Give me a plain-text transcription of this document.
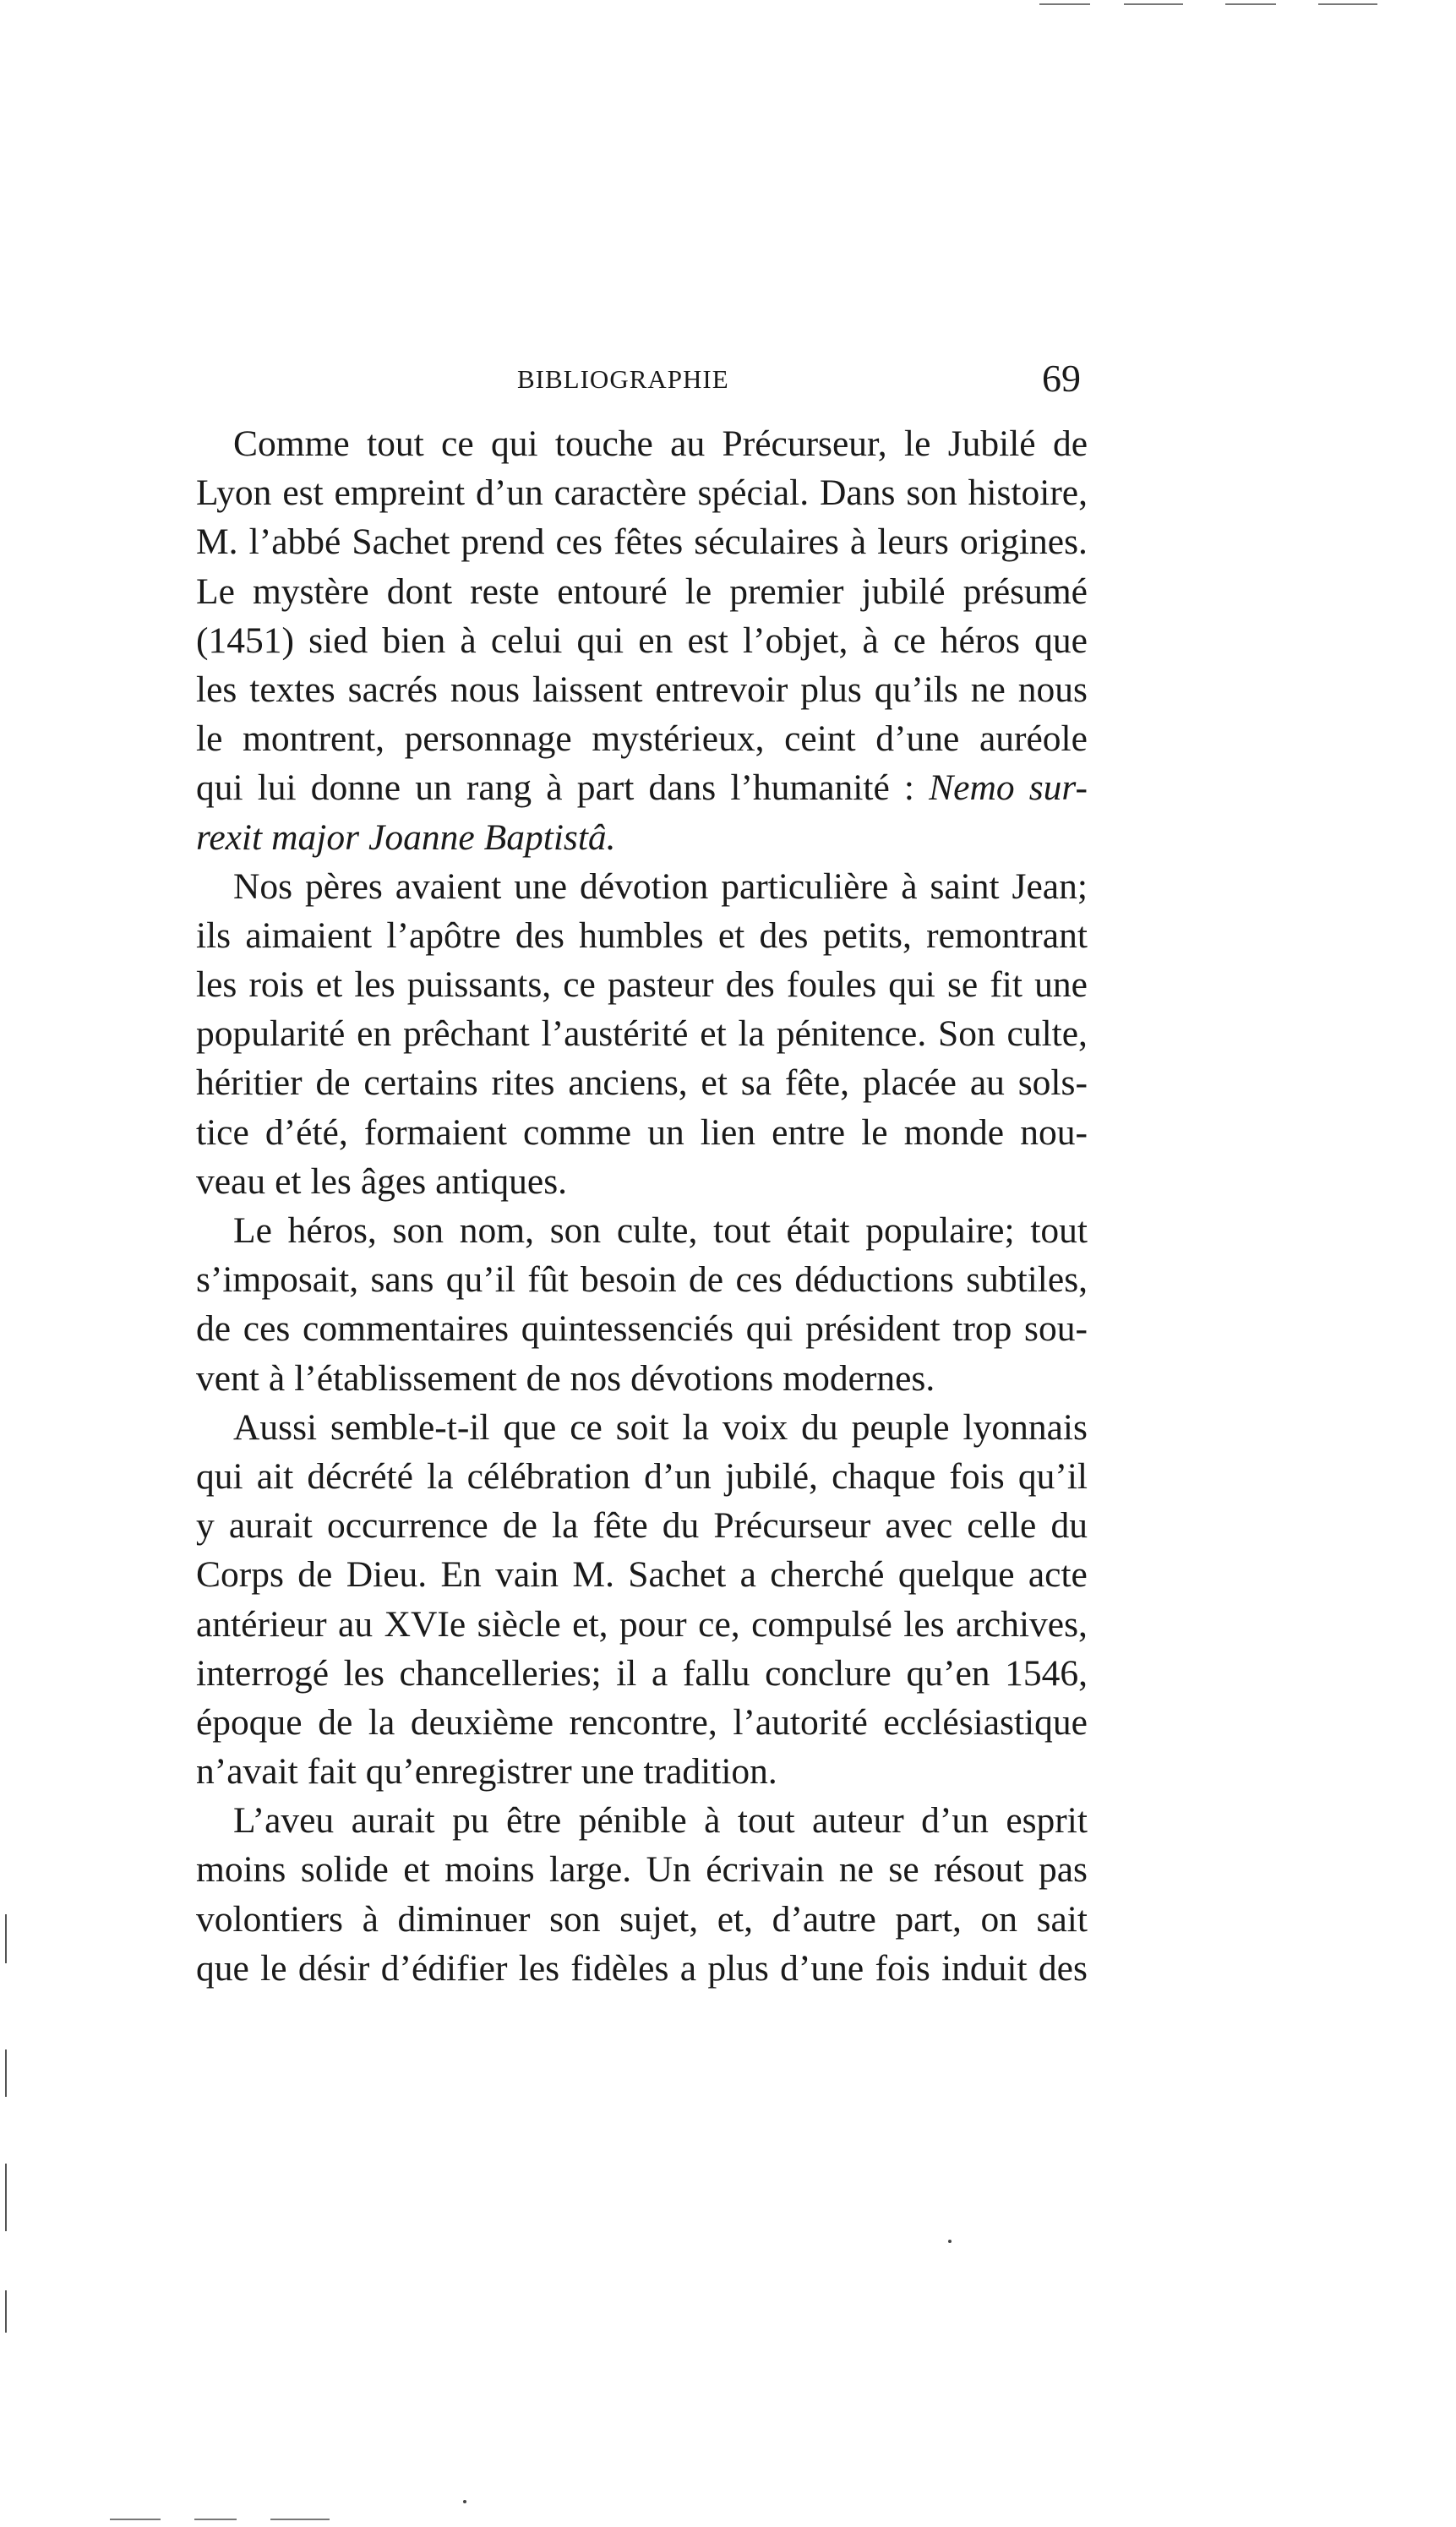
BIBLIOGRAPHIE	69
Comme tout ce qui touche au Précurseur, le Jubilé de
Lyon est empreint d’un caractère spécial. Dans son histoire,
M. l’abbé Sachet prend ces fêtes séculaires à leurs origines.
Le mystère dont reste entouré le premier jubilé présumé
(1451) sied bien à celui qui en est l’objet, à ce héros que
les textes sacrés nous laissent entrevoir plus qu’ils ne nous
le montrent, personnage mystérieux, ceint d’une auréole
qui lui donne un rang à part dans l’humanité : Nemo sur-
rexit major Joanne Baptistâ.
Nos pères avaient une dévotion particulière à saint Jean;
ils aimaient l’apôtre des humbles et des petits, remontrant
les rois et les puissants, ce pasteur des foules qui se fit une
popularité en prêchant l’austérité et la pénitence. Son culte,
héritier de certains rites anciens, et sa fête, placée au sols-
tice d’été, formaient comme un lien entre le monde nou-
veau et les âges antiques.
Le héros, son nom, son culte, tout était populaire; tout
s’imposait, sans qu’il fût besoin de ces déductions subtiles,
de ces commentaires quintessenciés qui président trop sou-
vent à l’établissement de nos dévotions modernes.
Aussi semble-t-il que ce soit la voix du peuple lyonnais
qui ait décrété la célébration d’un jubilé, chaque fois qu’il
y aurait occurrence de la fête du Précurseur avec celle du
Corps de Dieu. En vain M. Sachet a cherché quelque acte
antérieur au XVIe siècle et, pour ce, compulsé les archives,
interrogé les chancelleries; il a fallu conclure qu’en 1546,
époque de la deuxième rencontre, l’autorité ecclésiastique
n’avait fait qu’enregistrer une tradition.
L’aveu aurait pu être pénible à tout auteur d’un esprit
moins solide et moins large. Un écrivain ne se résout pas
volontiers à diminuer son sujet, et, d’autre part, on sait
que le désir d’édifier les fidèles a plus d’une fois induit des
